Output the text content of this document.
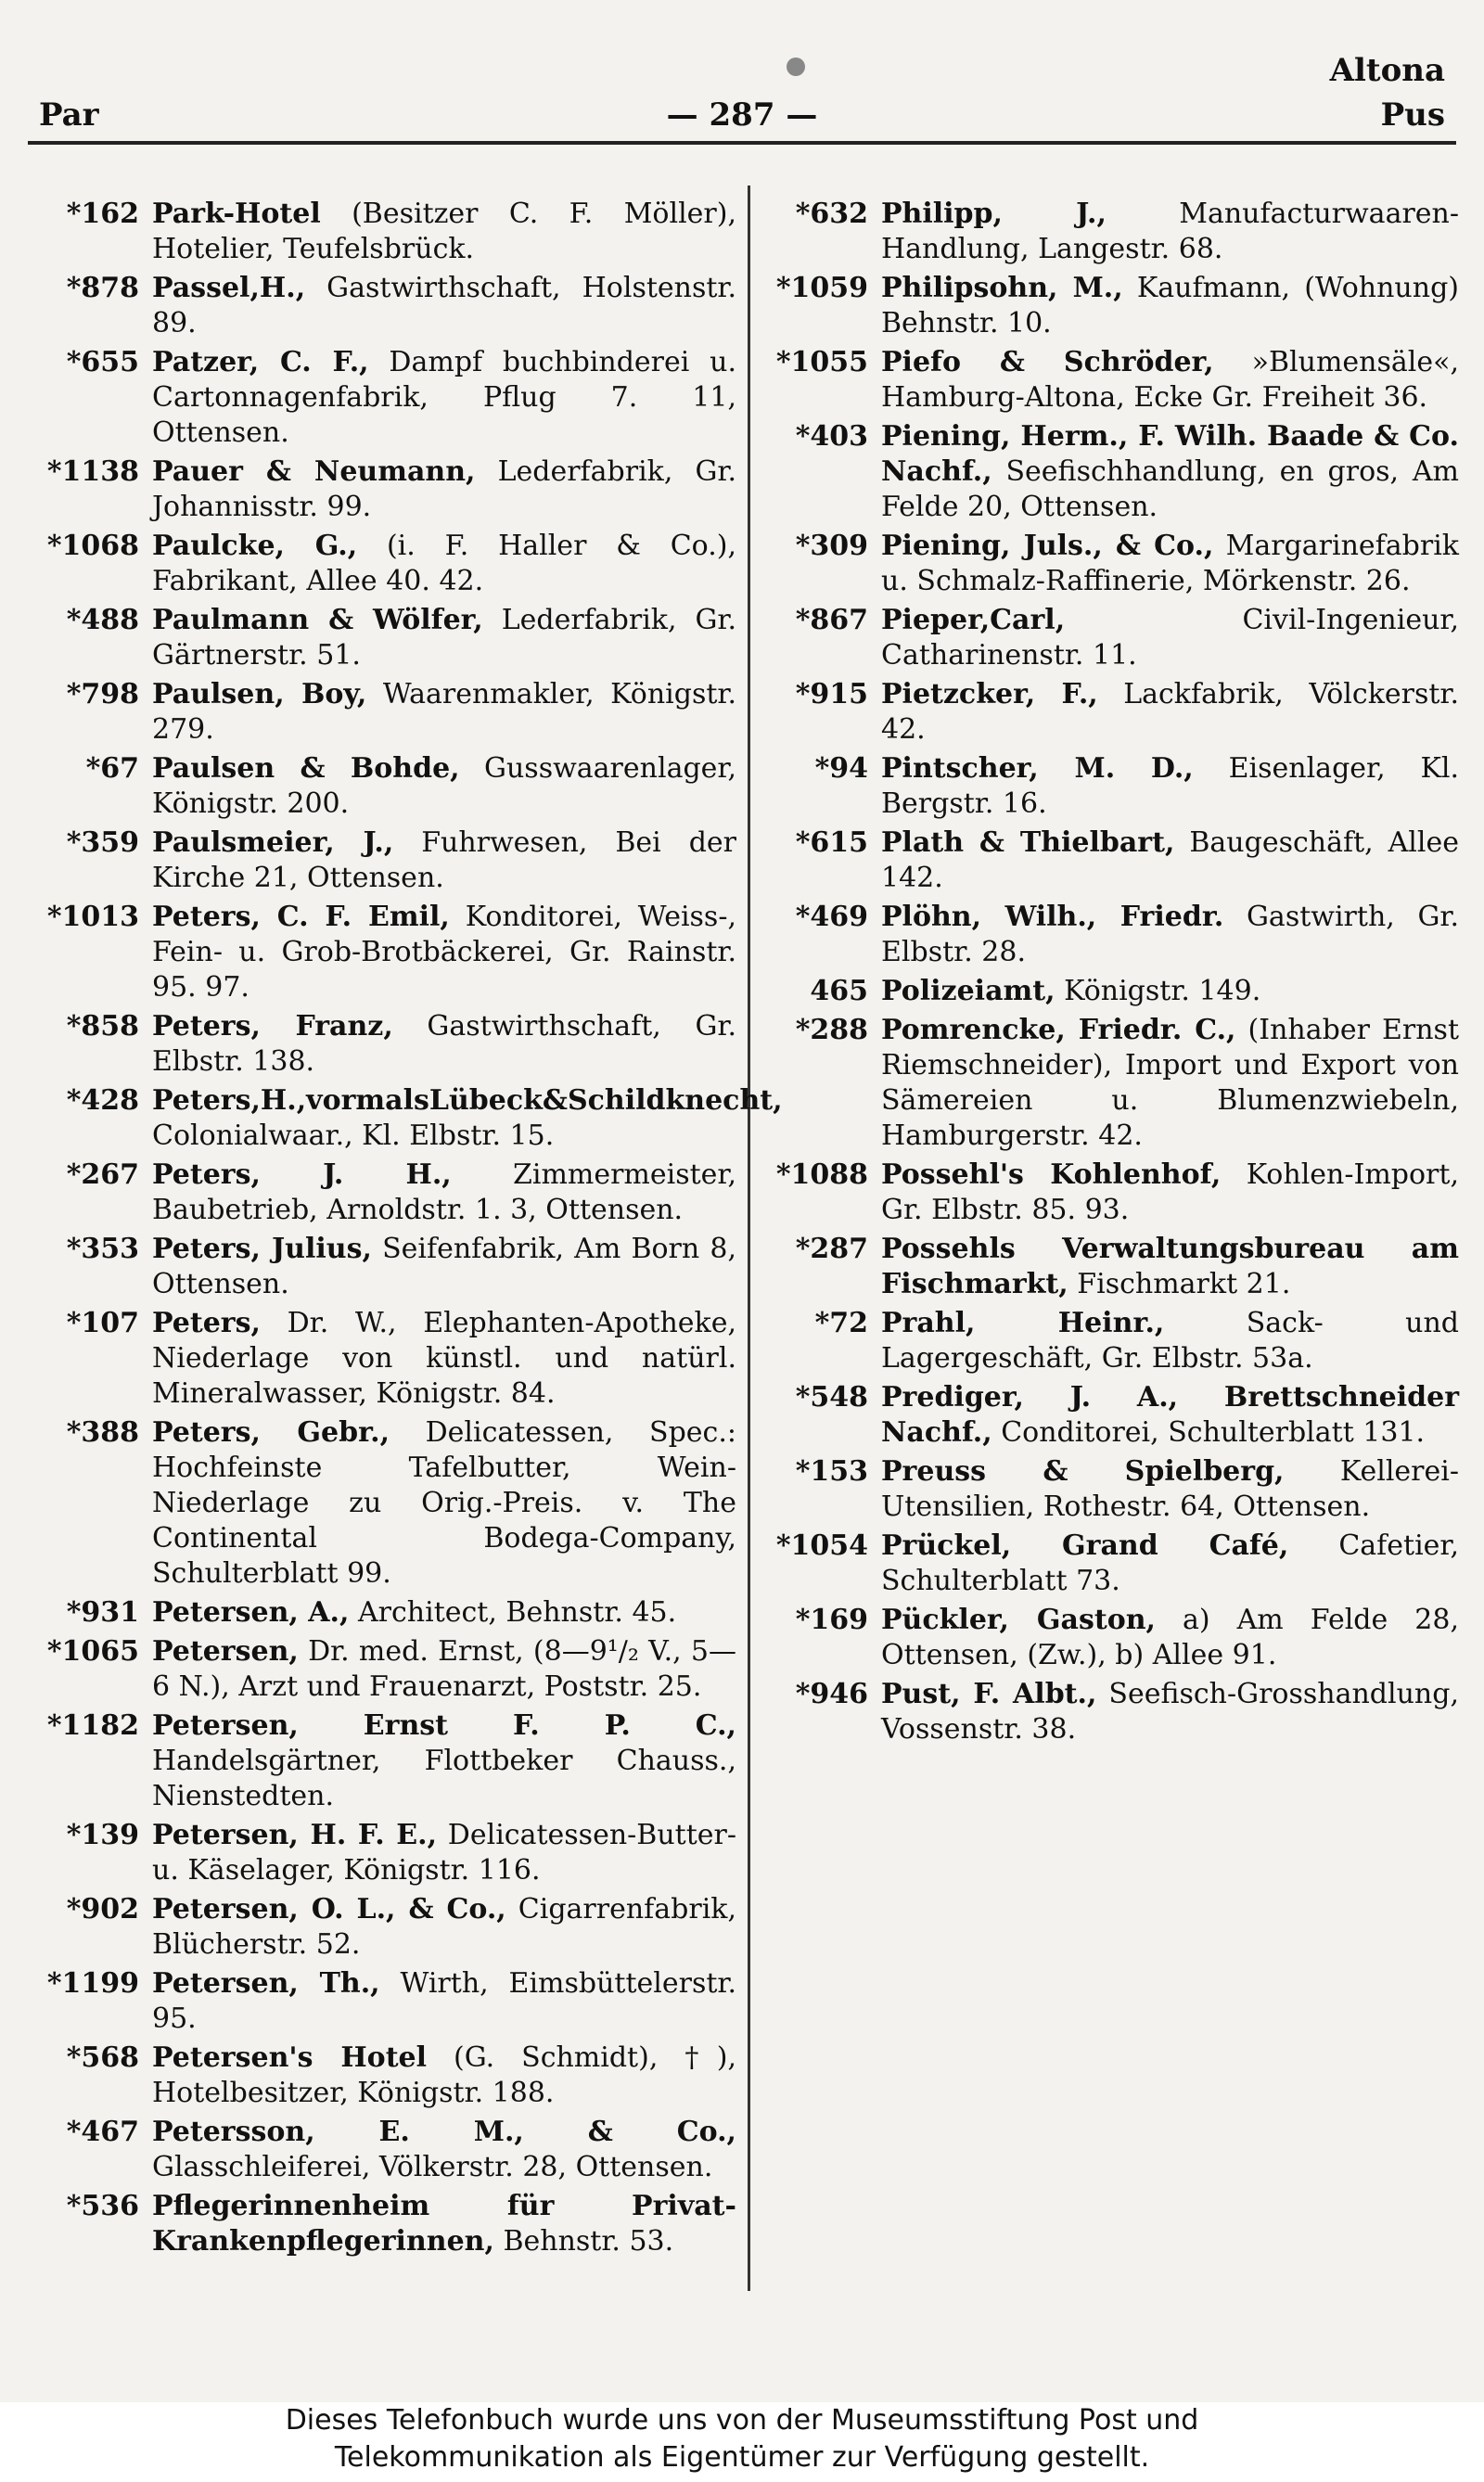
Altona
Par	— 287 —	Pus
*162 Park-Hotel (Besitzer C. F. Möller), Hotelier, Teufelsbrück.
*878 Passel,H., Gastwirthschaft, Holstenstr. 89.
*655 Patzer, C. F., Dampf buchbinderei u. Cartonnagenfabrik, Pflug 7. 11, Ottensen.
*1138 Pauer & Neumann, Lederfabrik, Gr. Johannisstr. 99.
*1068 Paulcke, G., (i. F. Haller & Co.), Fabrikant, Allee 40. 42.
*488 Paulmann & Wölfer, Lederfabrik, Gr. Gärtnerstr. 51.
*798 Paulsen, Boy, Waarenmakler, Königstr. 279.
*67 Paulsen & Bohde, Gusswaarenlager, Königstr. 200.
*359 Paulsmeier, J., Fuhrwesen, Bei der Kirche 21, Ottensen.
*1013 Peters, C. F. Emil, Konditorei, Weiss-, Fein- u. Grob-Brotbäckerei, Gr. Rainstr. 95. 97.
*858 Peters, Franz, Gastwirthschaft, Gr. Elbstr. 138.
*428 Peters,H.,vormalsLübeck&Schildknecht, Colonialwaar., Kl. Elbstr. 15.
*267 Peters, J. H., Zimmermeister, Baubetrieb, Arnoldstr. 1. 3, Ottensen.
*353 Peters, Julius, Seifenfabrik, Am Born 8, Ottensen.
*107 Peters, Dr. W., Elephanten-Apotheke, Niederlage von künstl. und natürl. Mineralwasser, Königstr. 84.
*388 Peters, Gebr., Delicatessen, Spec.: Hochfeinste Tafelbutter, Wein-Niederlage zu Orig.-Preis. v. The Continental Bodega-Company, Schulterblatt 99.
*931 Petersen, A., Architect, Behnstr. 45.
*1065 Petersen, Dr. med. Ernst, (8—9¹/₂ V., 5—6 N.), Arzt und Frauenarzt, Poststr. 25.
*1182 Petersen, Ernst F. P. C., Handelsgärtner, Flottbeker Chauss., Nienstedten.
*139 Petersen, H. F. E., Delicatessen-Butter- u. Käselager, Königstr. 116.
*902 Petersen, O. L., & Co., Cigarrenfabrik, Blücherstr. 52.
*1199 Petersen, Th., Wirth, Eimsbüttelerstr. 95.
*568 Petersen's Hotel (G. Schmidt), †), Hotelbesitzer, Königstr. 188.
*467 Petersson, E. M., & Co., Glasschleiferei, Völkerstr. 28, Ottensen.
*536 Pflegerinnenheim für Privat-Krankenpflegerinnen, Behnstr. 53.
*632 Philipp, J., Manufacturwaaren-Handlung, Langestr. 68.
*1059 Philipsohn, M., Kaufmann, (Wohnung) Behnstr. 10.
*1055 Piefo & Schröder, »Blumensäle«, Hamburg-Altona, Ecke Gr. Freiheit 36.
*403 Piening, Herm., F. Wilh. Baade & Co. Nachf., Seefischhandlung, en gros, Am Felde 20, Ottensen.
*309 Piening, Juls., & Co., Margarinefabrik u. Schmalz-Raffinerie, Mörkenstr. 26.
*867 Pieper,Carl, Civil-Ingenieur, Catharinenstr. 11.
*915 Pietzcker, F., Lackfabrik, Völckerstr. 42.
*94 Pintscher, M. D., Eisenlager, Kl. Bergstr. 16.
*615 Plath & Thielbart, Baugeschäft, Allee 142.
*469 Plöhn, Wilh., Friedr. Gastwirth, Gr. Elbstr. 28.
465 Polizeiamt, Königstr. 149.
*288 Pomrencke, Friedr. C., (Inhaber Ernst Riemschneider), Import und Export von Sämereien u. Blumenzwiebeln, Hamburgerstr. 42.
*1088 Possehl's Kohlenhof, Kohlen-Import, Gr. Elbstr. 85. 93.
*287 Possehls Verwaltungsbureau am Fischmarkt, Fischmarkt 21.
*72 Prahl, Heinr., Sack- und Lagergeschäft, Gr. Elbstr. 53a.
*548 Prediger, J. A., Brettschneider Nachf., Conditorei, Schulterblatt 131.
*153 Preuss & Spielberg, Kellerei-Utensilien, Rothestr. 64, Ottensen.
*1054 Prückel, Grand Café, Cafetier, Schulterblatt 73.
*169 Pückler, Gaston, a) Am Felde 28, Ottensen, (Zw.), b) Allee 91.
*946 Pust, F. Albt., Seefisch-Grosshandlung, Vossenstr. 38.
Dieses Telefonbuch wurde uns von der Museumsstiftung Post und
Telekommunikation als Eigentümer zur Verfügung gestellt.
